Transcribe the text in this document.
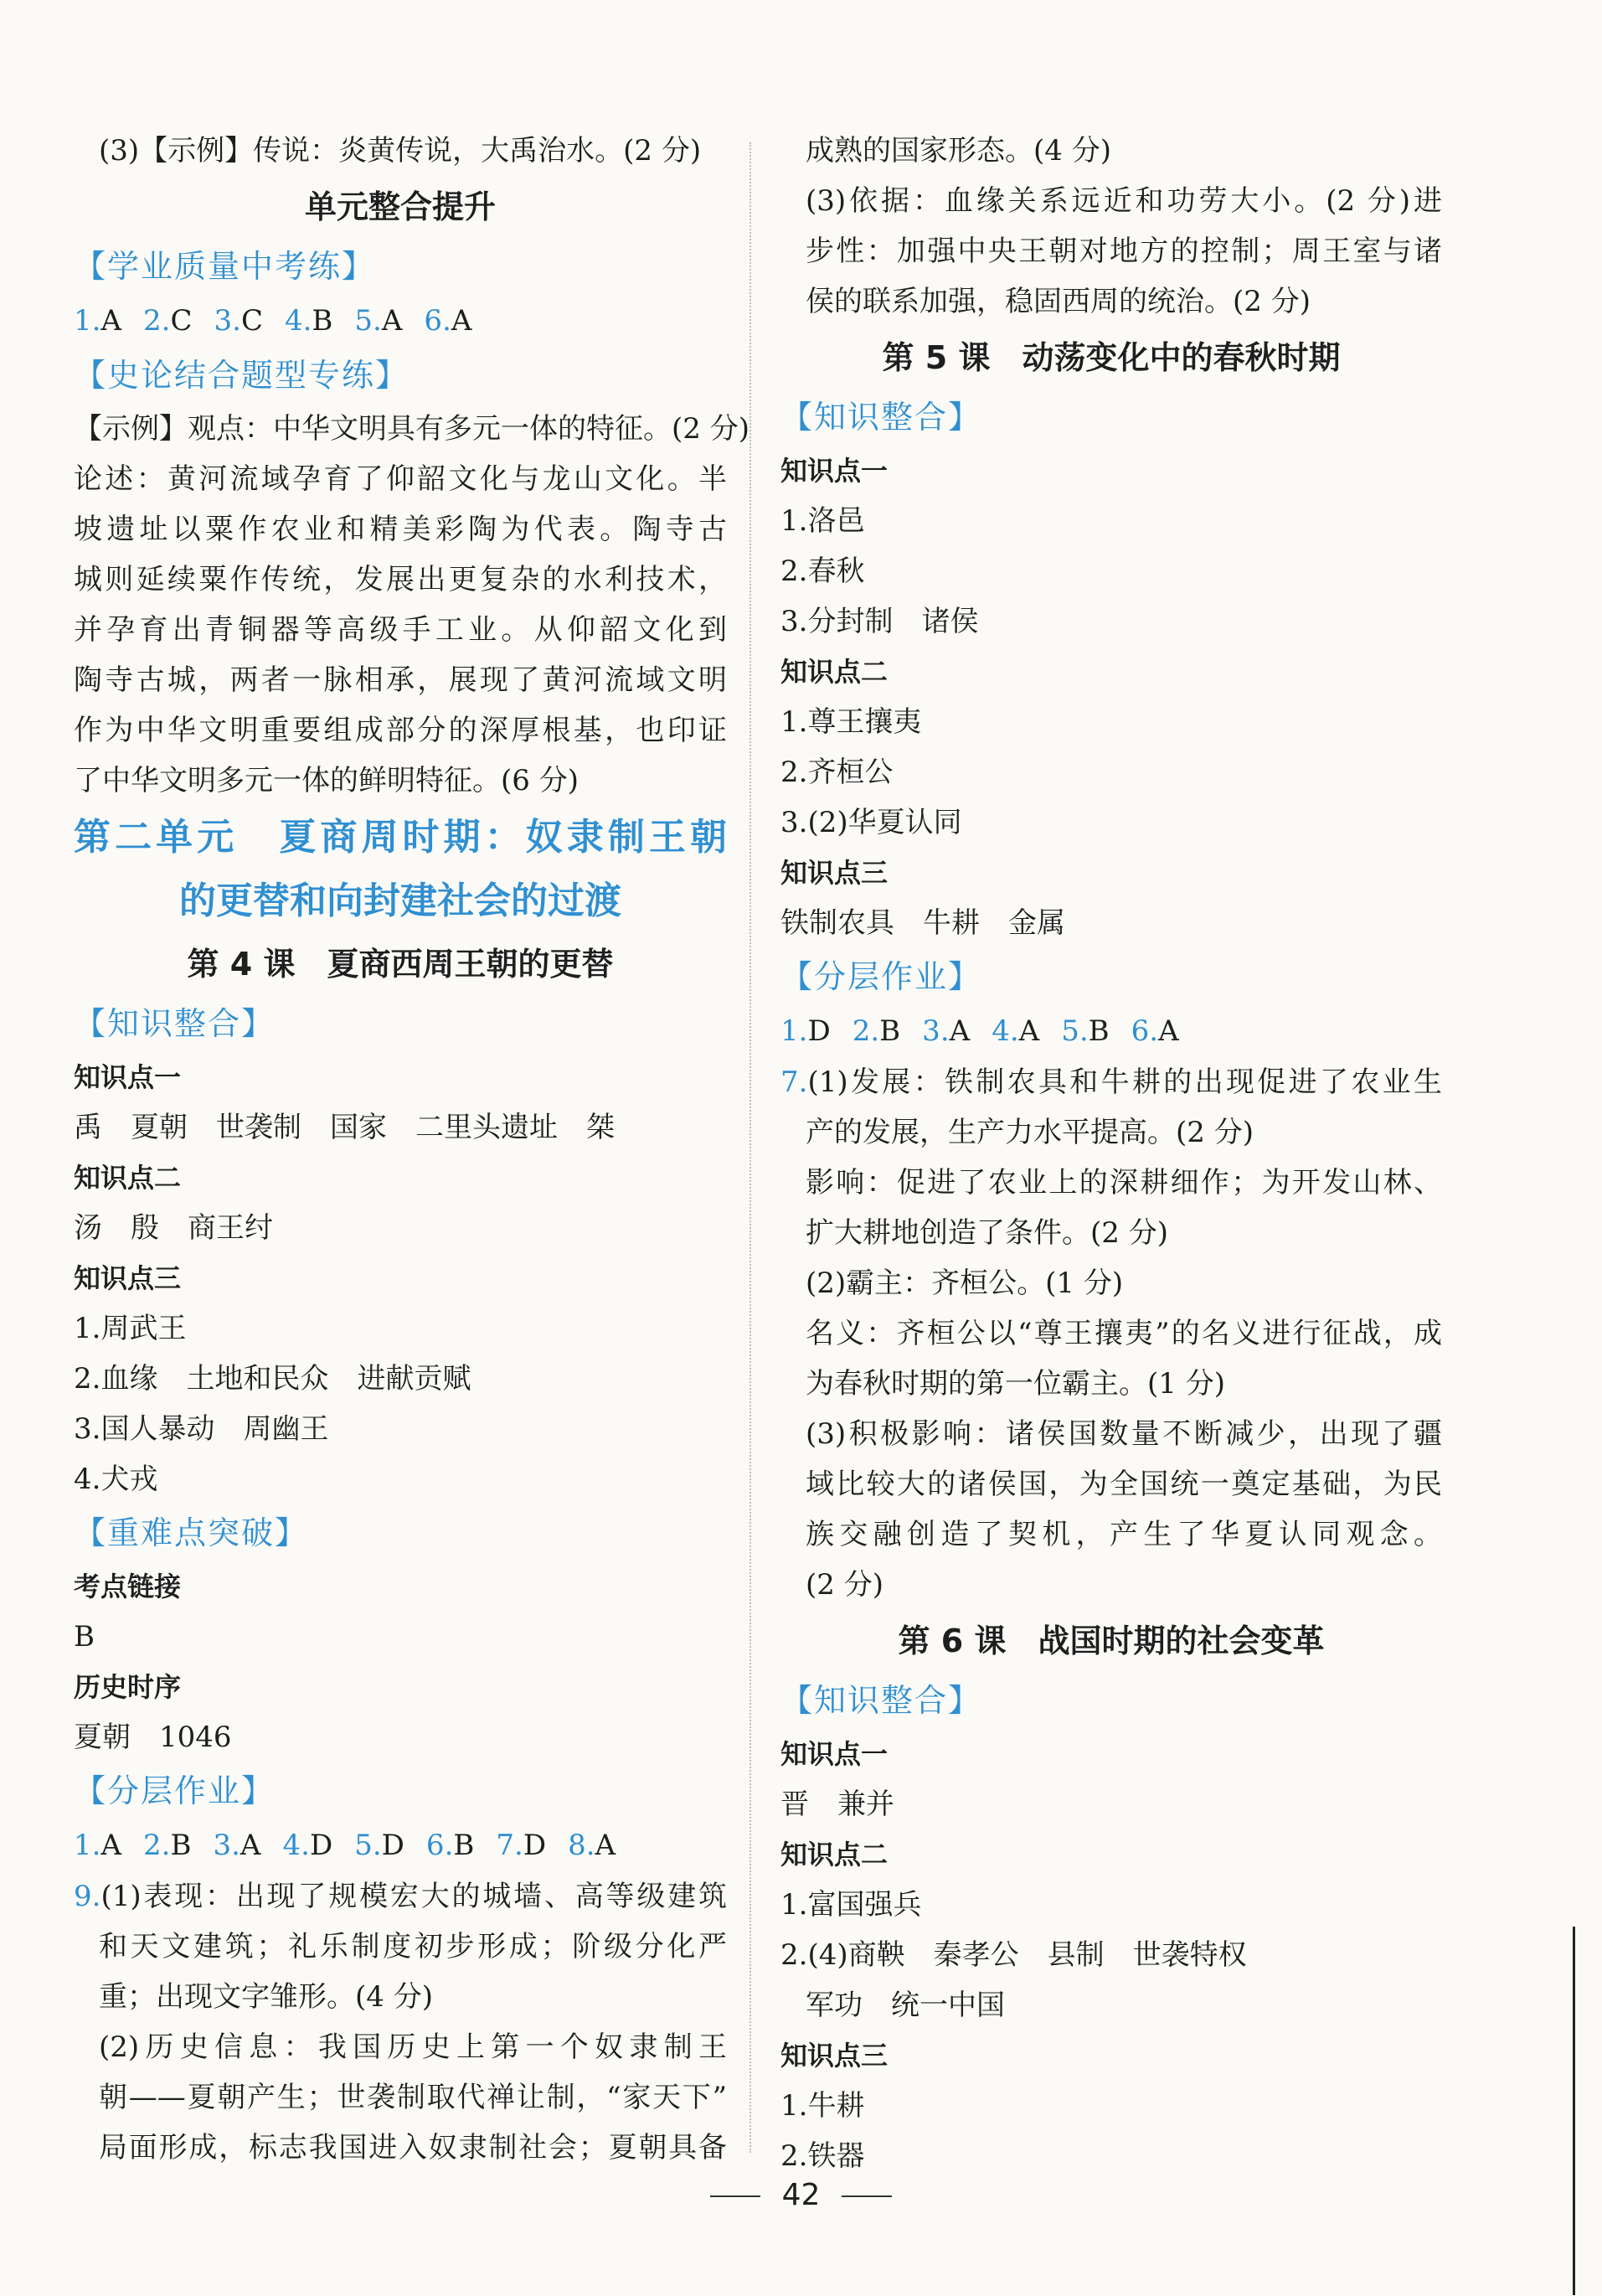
(3)【示例】传说：炎黄传说，大禹治水。(2 分)
单元整合提升
【学业质量中考练】
1.A 2.C 3.C 4.B 5.A 6.A
【史论结合题型专练】
【示例】观点：中华文明具有多元一体的特征。(2 分)
论述：黄河流域孕育了仰韶文化与龙山文化。半
坡遗址以粟作农业和精美彩陶为代表。陶寺古
城则延续粟作传统，发展出更复杂的水利技术，
并孕育出青铜器等高级手工业。从仰韶文化到
陶寺古城，两者一脉相承，展现了黄河流域文明
作为中华文明重要组成部分的深厚根基，也印证
了中华文明多元一体的鲜明特征。(6 分)
第二单元　夏商周时期：奴隶制王朝
的更替和向封建社会的过渡
第 4 课　夏商西周王朝的更替
【知识整合】
知识点一
禹　夏朝　世袭制　国家　二里头遗址　桀
知识点二
汤　殷　商王纣
知识点三
1.周武王
2.血缘　土地和民众　进献贡赋
3.国人暴动　周幽王
4.犬戎
【重难点突破】
考点链接
B
历史时序
夏朝　1046
【分层作业】
1.A 2.B 3.A 4.D 5.D 6.B 7.D 8.A
9.(1)表现：出现了规模宏大的城墙、高等级建筑
和天文建筑；礼乐制度初步形成；阶级分化严
重；出现文字雏形。(4 分)
(2)历史信息：我国历史上第一个奴隶制王
朝——夏朝产生；世袭制取代禅让制，“家天下”
局面形成，标志我国进入奴隶制社会；夏朝具备
成熟的国家形态。(4 分)
(3)依据：血缘关系远近和功劳大小。(2 分)进
步性：加强中央王朝对地方的控制；周王室与诸
侯的联系加强，稳固西周的统治。(2 分)
第 5 课　动荡变化中的春秋时期
【知识整合】
知识点一
1.洛邑
2.春秋
3.分封制　诸侯
知识点二
1.尊王攘夷
2.齐桓公
3.(2)华夏认同
知识点三
铁制农具　牛耕　金属
【分层作业】
1.D 2.B 3.A 4.A 5.B 6.A
7.(1)发展：铁制农具和牛耕的出现促进了农业生
产的发展，生产力水平提高。(2 分)
影响：促进了农业上的深耕细作；为开发山林、
扩大耕地创造了条件。(2 分)
(2)霸主：齐桓公。(1 分)
名义：齐桓公以“尊王攘夷”的名义进行征战，成
为春秋时期的第一位霸主。(1 分)
(3)积极影响：诸侯国数量不断减少，出现了疆
域比较大的诸侯国，为全国统一奠定基础，为民
族交融创造了契机，产生了华夏认同观念。
(2 分)
第 6 课　战国时期的社会变革
【知识整合】
知识点一
晋　兼并
知识点二
1.富国强兵
2.(4)商鞅　秦孝公　县制　世袭特权
军功　统一中国
知识点三
1.牛耕
2.铁器
42
